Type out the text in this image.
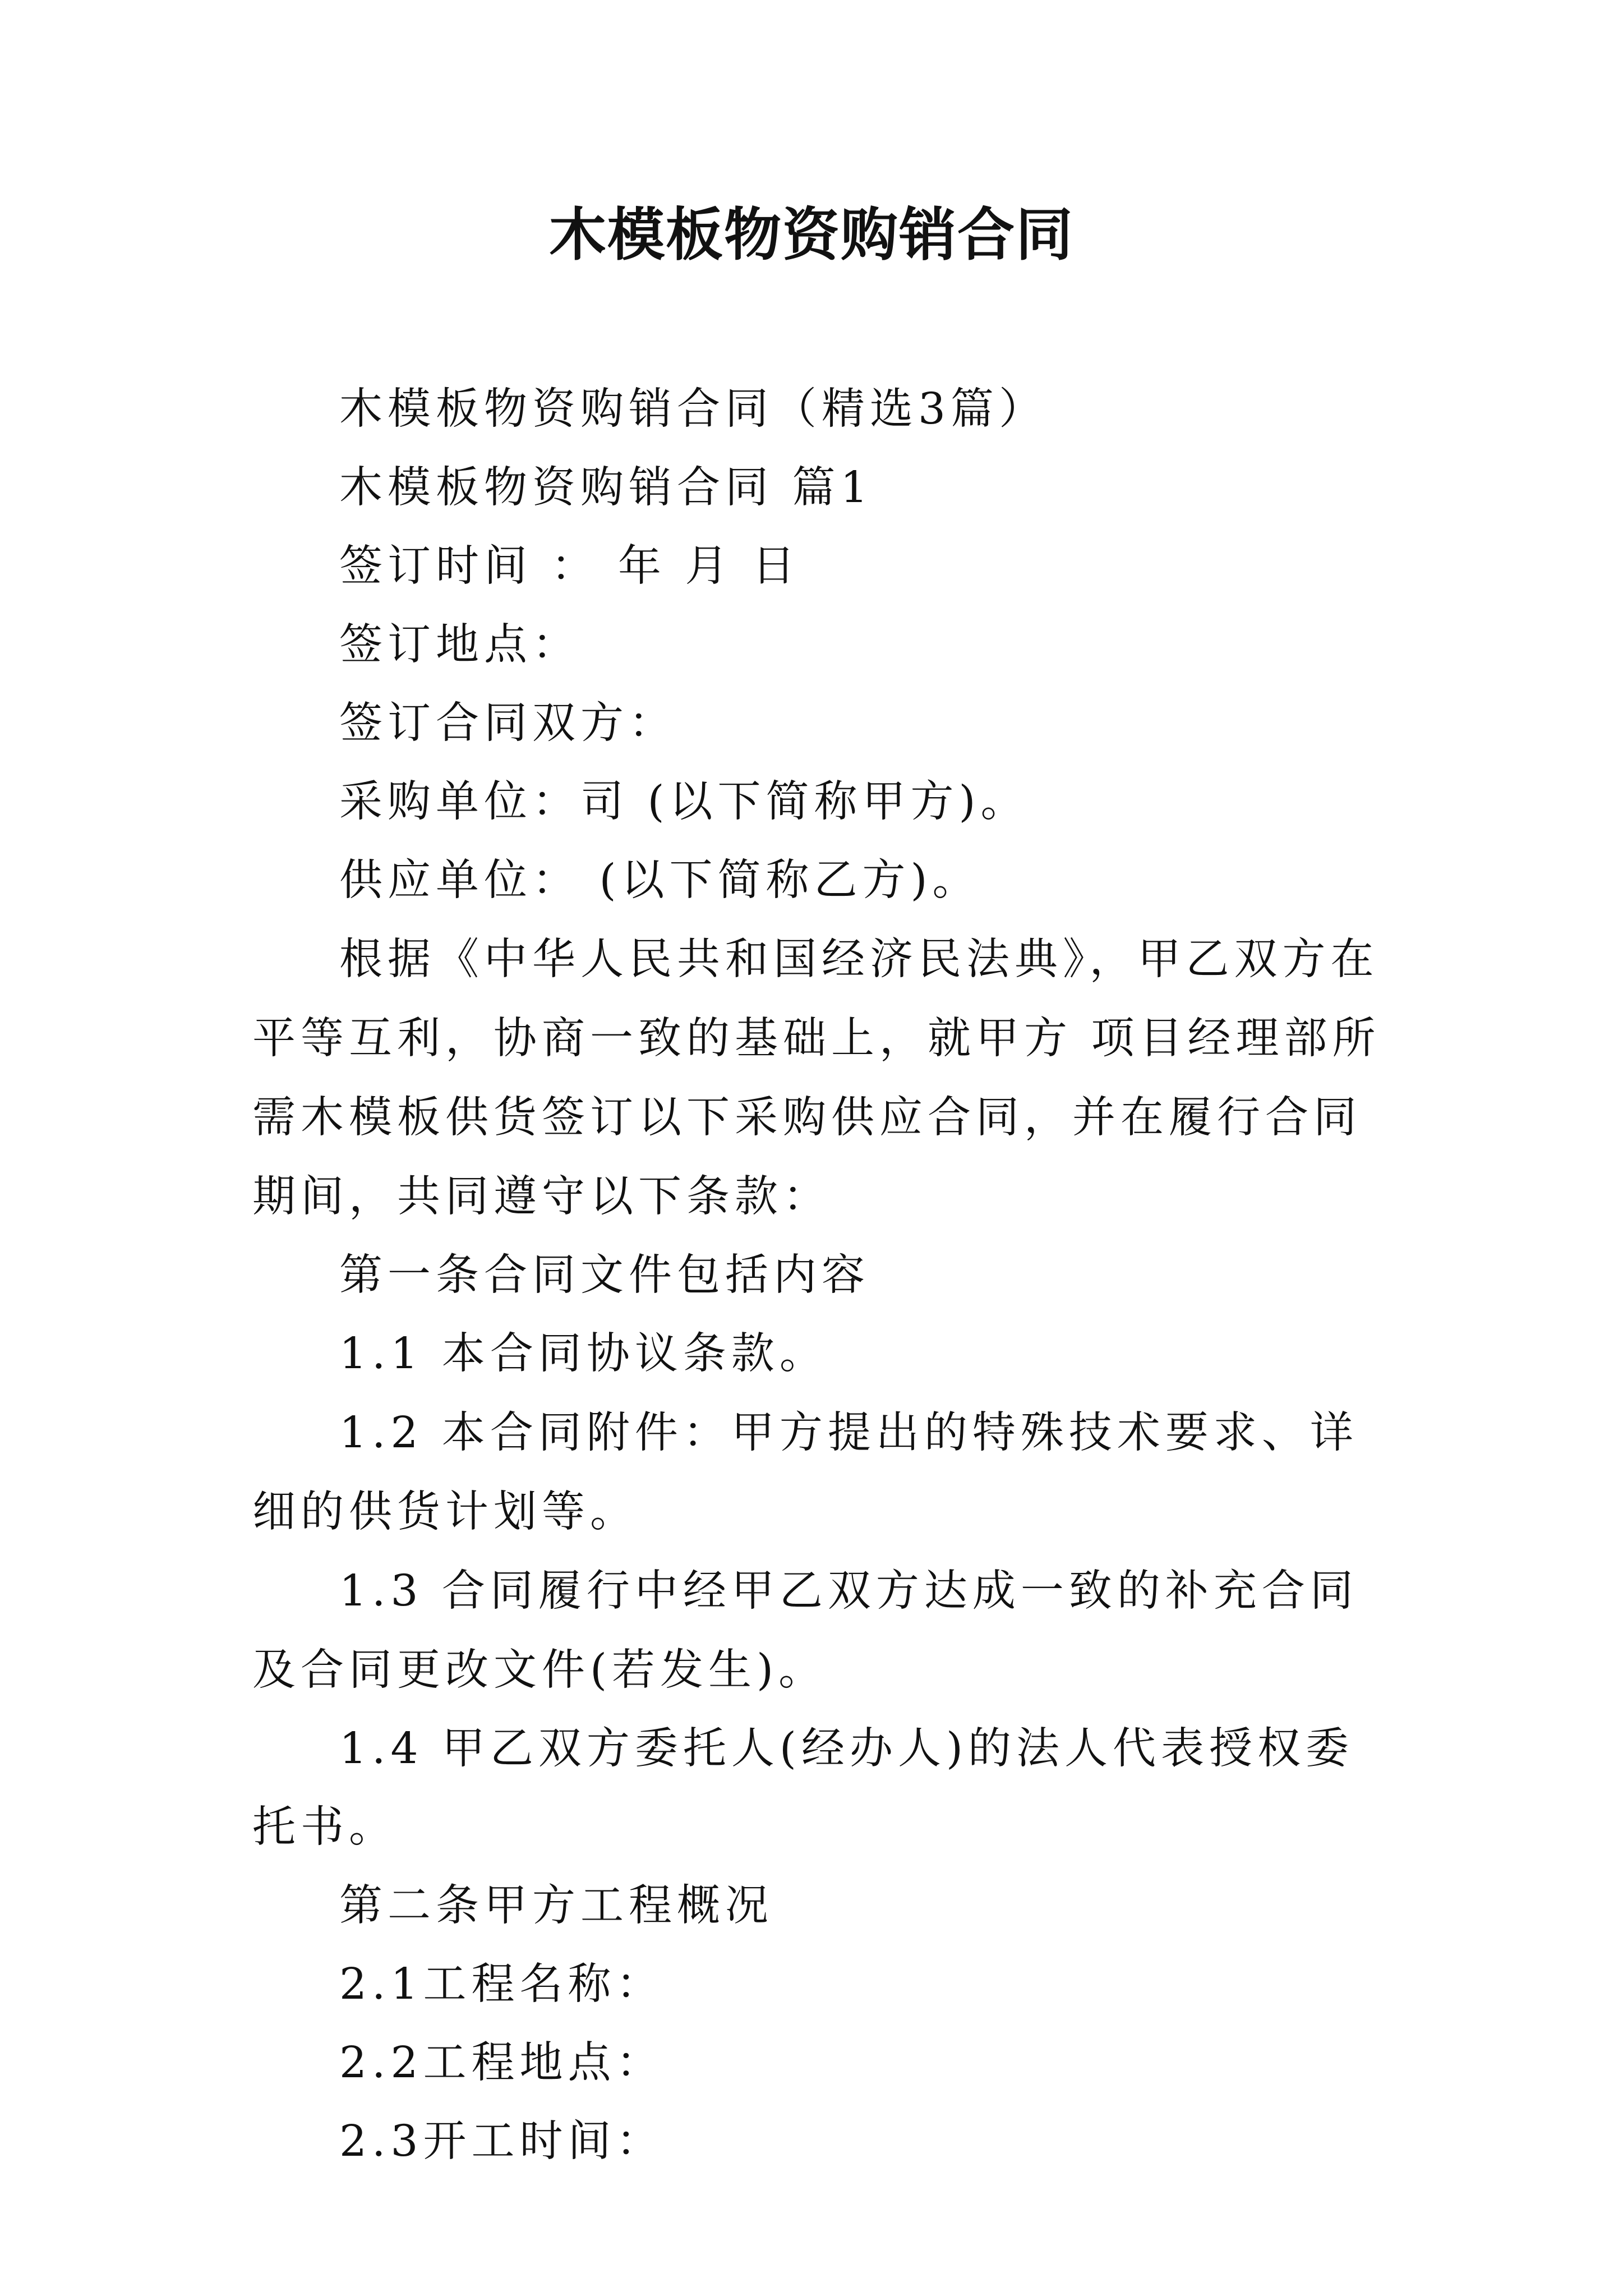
木模板物资购销合同

木模板物资购销合同（精选3篇）

木模板物资购销合同 篇1

签订时间 ： 年 月 日

签订地点：

签订合同双方：

采购单位：司 (以下简称甲方)。

供应单位： (以下简称乙方)。

根据《中华人民共和国经济民法典》，甲乙双方在平等互利，协商一致的基础上，就甲方 项目经理部所需木模板供货签订以下采购供应合同，并在履行合同期间，共同遵守以下条款：

第一条合同文件包括内容

1.1 本合同协议条款。

1.2 本合同附件：甲方提出的特殊技术要求、详细的供货计划等。

1.3 合同履行中经甲乙双方达成一致的补充合同及合同更改文件(若发生)。

1.4 甲乙双方委托人(经办人)的法人代表授权委托书。

第二条甲方工程概况

2.1工程名称：

2.2工程地点：

2.3开工时间：
